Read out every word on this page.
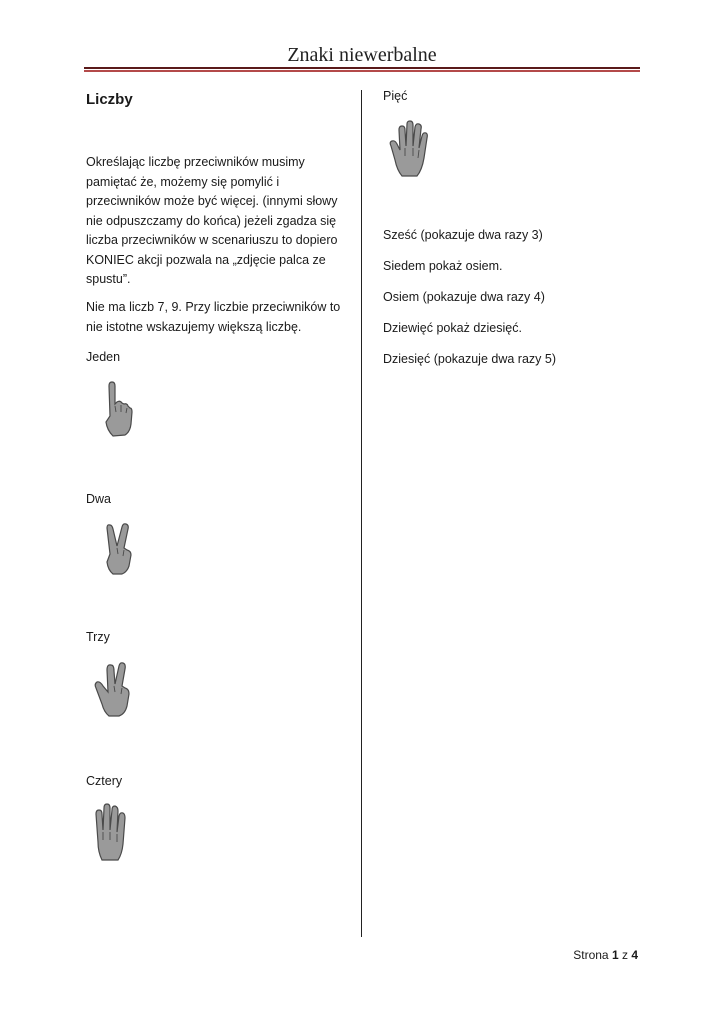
Znaki niewerbalne
Liczby
Określając liczbę przeciwników musimy pamiętać że, możemy się pomylić i przeciwników może być więcej. (innymi słowy nie odpuszczamy do końca) jeżeli zgadza się liczba przeciwników w scenariuszu to dopiero KONIEC akcji pozwala na „zdjęcie palca ze spustu”.
Nie ma liczb 7, 9. Przy liczbie przeciwników to nie istotne wskazujemy większą liczbę.
Jeden
Dwa
Trzy
Cztery
Pięć
Sześć (pokazuje dwa razy 3)
Siedem pokaż osiem.
Osiem (pokazuje dwa razy 4)
Dziewięć pokaż dziesięć.
Dziesięć (pokazuje dwa razy 5)
Strona 1 z 4
